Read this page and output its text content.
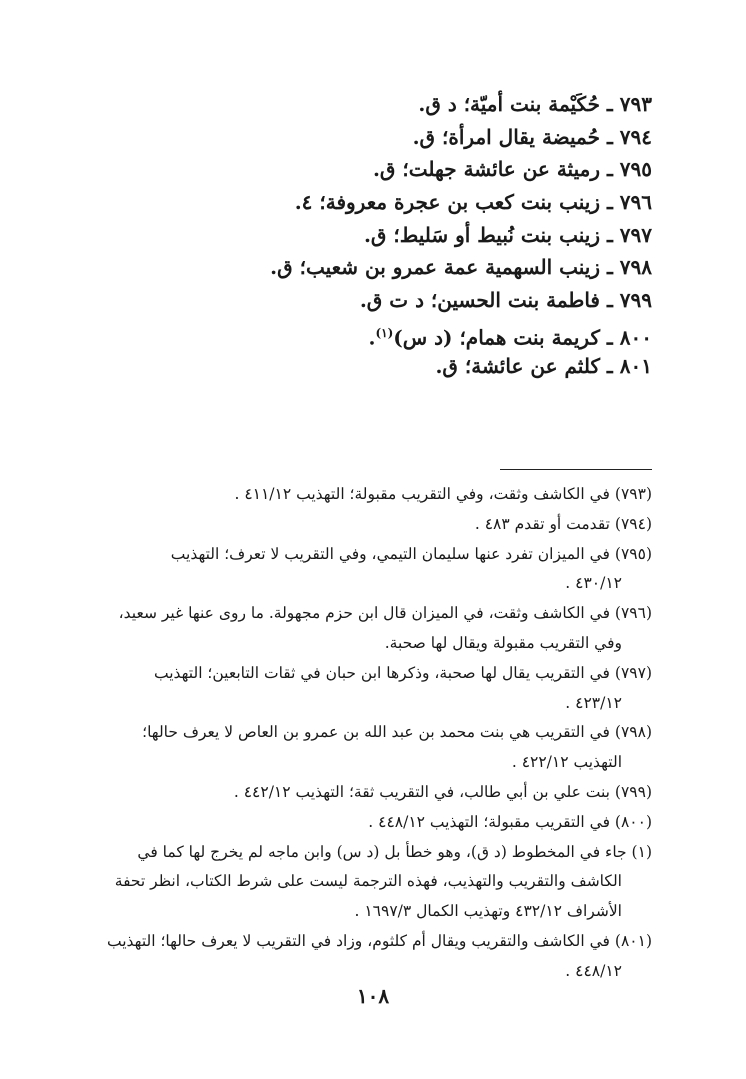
٧٩٣ ـ حُكَيْمة بنت أميّة؛ د ق.
٧٩٤ ـ حُميضة يقال امرأة؛ ق.
٧٩٥ ـ رميثة عن عائشة جهلت؛ ق.
٧٩٦ ـ زينب بنت كعب بن عجرة معروفة؛ ٤.
٧٩٧ ـ زينب بنت نُبيط أو سَليط؛ ق.
٧٩٨ ـ زينب السهمية عمة عمرو بن شعيب؛ ق.
٧٩٩ ـ فاطمة بنت الحسين؛ د ت ق.
٨٠٠ ـ كريمة بنت همام؛ (د س)$^{(١)}$.
٨٠١ ـ كلثم عن عائشة؛ ق.
(٧٩٣) في الكاشف وثقت، وفي التقريب مقبولة؛ التهذيب ٤١١/١٢ .
(٧٩٤) تقدمت أو تقدم ٤٨٣ .
(٧٩٥) في الميزان تفرد عنها سليمان التيمي، وفي التقريب لا تعرف؛ التهذيب
٤٣٠/١٢ .
(٧٩٦) في الكاشف وثقت، في الميزان قال ابن حزم مجهولة. ما روى عنها غير سعيد،
وفي التقريب مقبولة ويقال لها صحبة.
(٧٩٧) في التقريب يقال لها صحبة، وذكرها ابن حبان في ثقات التابعين؛ التهذيب
٤٢٣/١٢ .
(٧٩٨) في التقريب هي بنت محمد بن عبد الله بن عمرو بن العاص لا يعرف حالها؛
التهذيب ٤٢٢/١٢ .
(٧٩٩) بنت علي بن أبي طالب، في التقريب ثقة؛ التهذيب ٤٤٢/١٢ .
(٨٠٠) في التقريب مقبولة؛ التهذيب ٤٤٨/١٢ .
(١) جاء في المخطوط (د ق)، وهو خطأ بل (د س) وابن ماجه لم يخرج لها كما في
الكاشف والتقريب والتهذيب، فهذه الترجمة ليست على شرط الكتاب، انظر تحفة
الأشراف ٤٣٢/١٢ وتهذيب الكمال ١٦٩٧/٣ .
(٨٠١) في الكاشف والتقريب ويقال أم كلثوم، وزاد في التقريب لا يعرف حالها؛ التهذيب
٤٤٨/١٢ .
١٠٨
